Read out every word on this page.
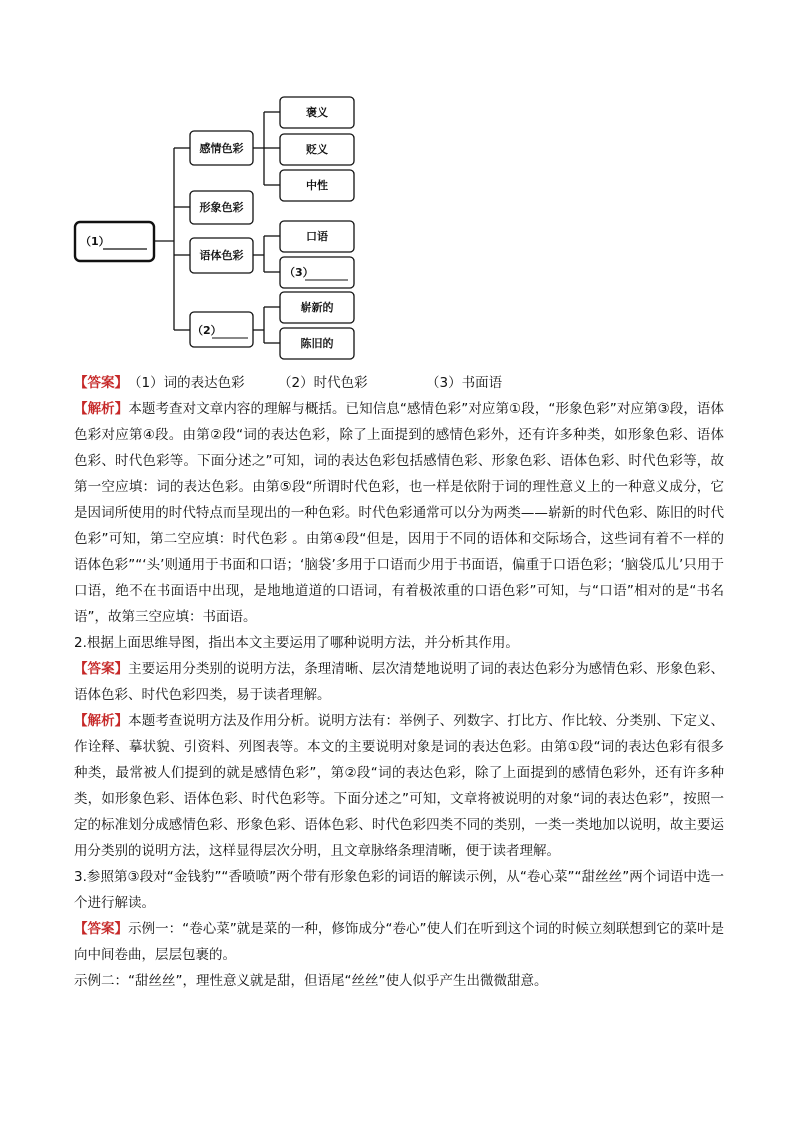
（1）
感情色彩
形象色彩
语体色彩
（2）
褒义
贬义
中性
口语
（3）
崭新的
陈旧的

【答案】（1）词的表达色彩 （2）时代色彩	（3）书面语

【解析】本题考查对文章内容的理解与概括。已知信息“感情色彩”对应第①段，“形象色彩”对应第③段，语体色彩对应第④段。由第②段“词的表达色彩，除了上面提到的感情色彩外，还有许多种类，如形象色彩、语体色彩、时代色彩等。下面分述之”可知，词的表达色彩包括感情色彩、形象色彩、语体色彩、时代色彩等，故第一空应填：词的表达色彩。由第⑤段“所谓时代色彩，也一样是依附于词的理性意义上的一种意义成分，它是因词所使用的时代特点而呈现出的一种色彩。时代色彩通常可以分为两类——崭新的时代色彩、陈旧的时代色彩”可知，第二空应填：时代色彩 。由第④段“但是，因用于不同的语体和交际场合，这些词有着不一样的语体色彩”“‘头’则通用于书面和口语；‘脑袋’多用于口语而少用于书面语，偏重于口语色彩；‘脑袋瓜儿’只用于口语，绝不在书面语中出现，是地地道道的口语词，有着极浓重的口语色彩”可知，与“口语”相对的是“书名语”，故第三空应填：书面语。

2.根据上面思维导图，指出本文主要运用了哪种说明方法，并分析其作用。

【答案】主要运用分类别的说明方法，条理清晰、层次清楚地说明了词的表达色彩分为感情色彩、形象色彩、语体色彩、时代色彩四类，易于读者理解。

【解析】本题考查说明方法及作用分析。说明方法有：举例子、列数字、打比方、作比较、分类别、下定义、作诠释、摹状貌、引资料、列图表等。本文的主要说明对象是词的表达色彩。由第①段“词的表达色彩有很多种类，最常被人们提到的就是感情色彩”，第②段“词的表达色彩，除了上面提到的感情色彩外，还有许多种类，如形象色彩、语体色彩、时代色彩等。下面分述之”可知，文章将被说明的对象“词的表达色彩”，按照一定的标准划分成感情色彩、形象色彩、语体色彩、时代色彩四类不同的类别，一类一类地加以说明，故主要运用分类别的说明方法，这样显得层次分明，且文章脉络条理清晰，便于读者理解。

3.参照第③段对“金钱豹”“香喷喷”两个带有形象色彩的词语的解读示例，从“卷心菜”“甜丝丝”两个词语中选一个进行解读。

【答案】示例一：“卷心菜”就是菜的一种，修饰成分“卷心”使人们在听到这个词的时候立刻联想到它的菜叶是向中间卷曲，层层包裹的。

示例二：“甜丝丝”，理性意义就是甜，但语尾“丝丝”使人似乎产生出微微甜意。
